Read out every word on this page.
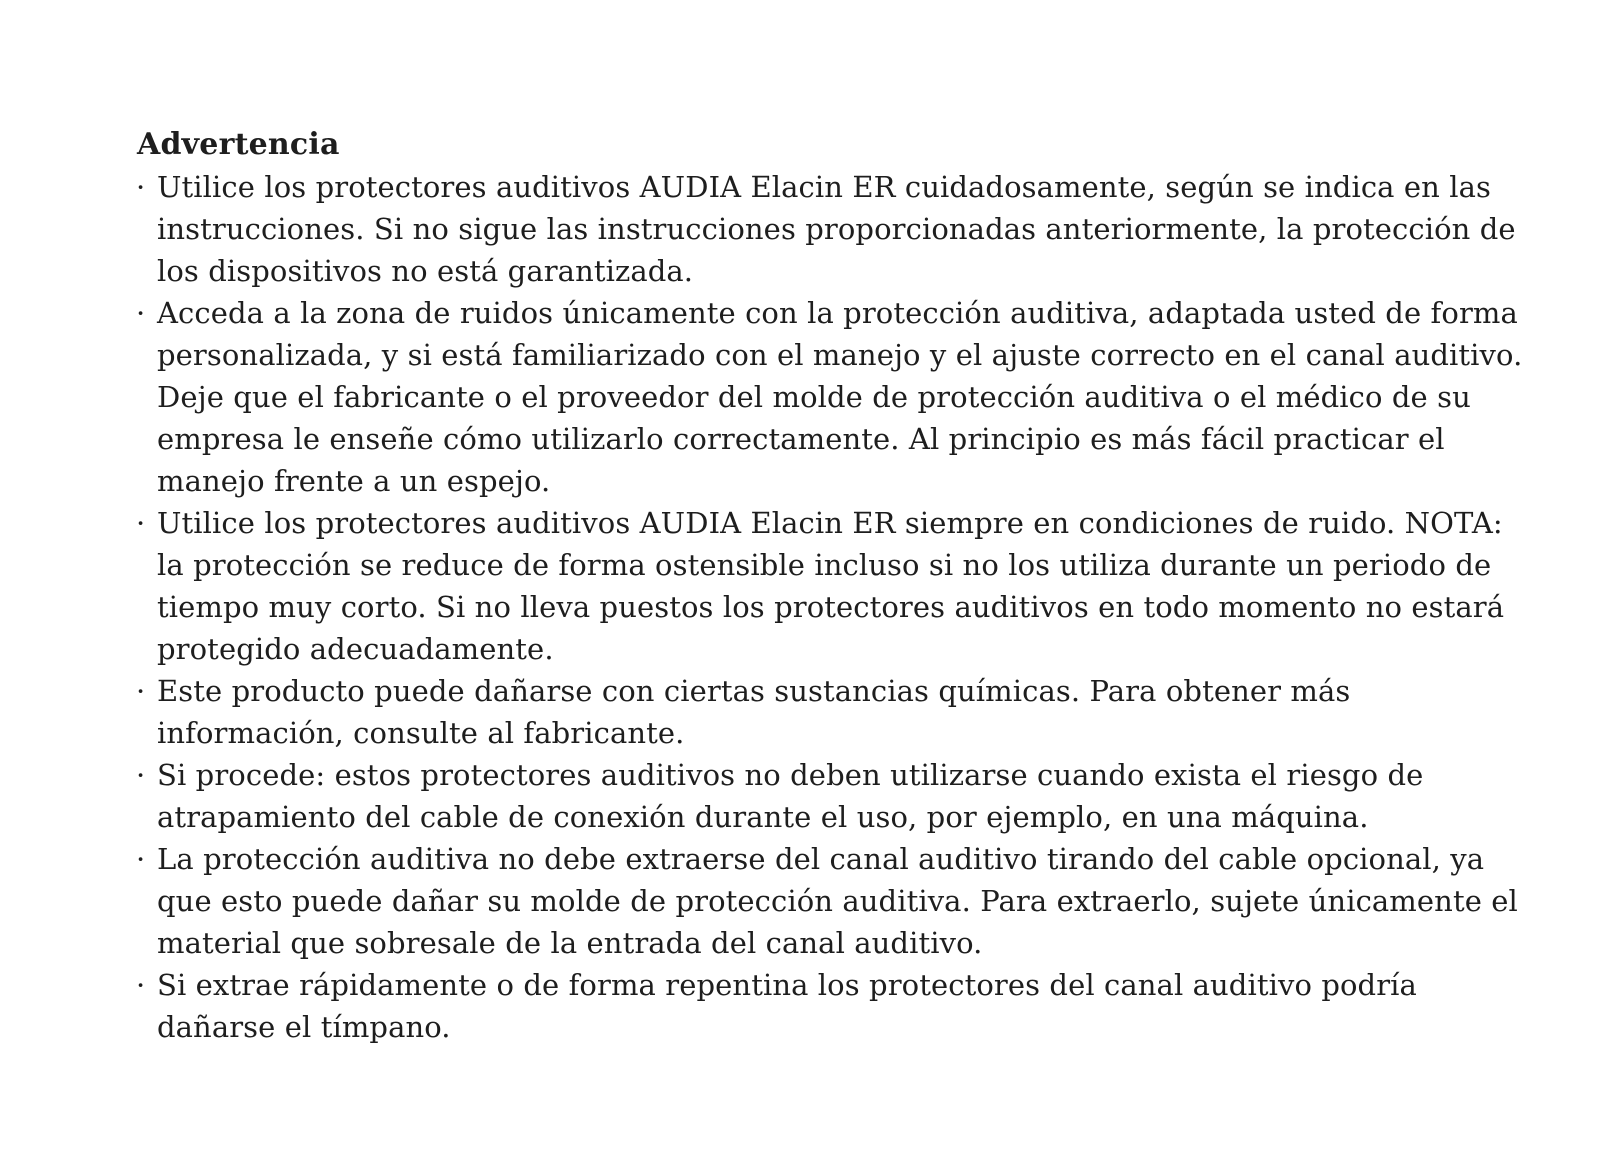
Advertencia
· Utilice los protectores auditivos AUDIA Elacin ER cuidadosamente, según se indica en las instrucciones. Si no sigue las instrucciones proporcionadas anteriormente, la protección de los dispositivos no está garantizada.
· Acceda a la zona de ruidos únicamente con la protección auditiva, adaptada usted de forma personalizada, y si está familiarizado con el manejo y el ajuste correcto en el canal auditivo. Deje que el fabricante o el proveedor del molde de protección auditiva o el médico de su empresa le enseñe cómo utilizarlo correctamente. Al principio es más fácil practicar el manejo frente a un espejo.
· Utilice los protectores auditivos AUDIA Elacin ER siempre en condiciones de ruido. NOTA: la protección se reduce de forma ostensible incluso si no los utiliza durante un periodo de tiempo muy corto. Si no lleva puestos los protectores auditivos en todo momento no estará protegido adecuadamente.
· Este producto puede dañarse con ciertas sustancias químicas. Para obtener más información, consulte al fabricante.
· Si procede: estos protectores auditivos no deben utilizarse cuando exista el riesgo de atrapamiento del cable de conexión durante el uso, por ejemplo, en una máquina.
· La protección auditiva no debe extraerse del canal auditivo tirando del cable opcional, ya que esto puede dañar su molde de protección auditiva. Para extraerlo, sujete únicamente el material que sobresale de la entrada del canal auditivo.
· Si extrae rápidamente o de forma repentina los protectores del canal auditivo podría dañarse el tímpano.
